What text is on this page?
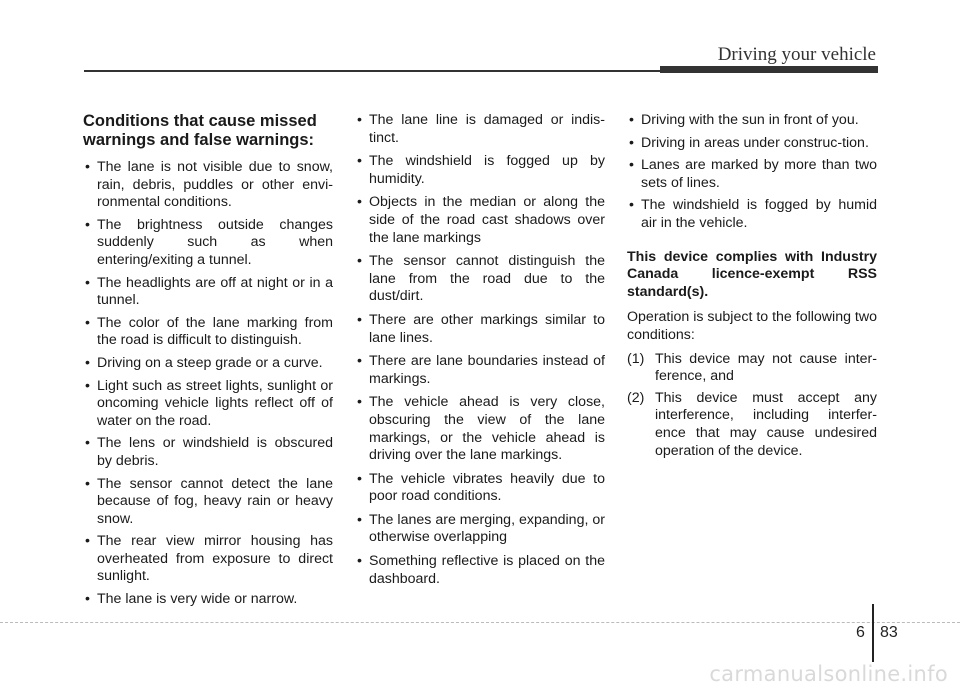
Driving your vehicle
Conditions that cause missed warnings and false warnings:
• The lane is not visible due to snow, rain, debris, puddles or other envi-ronmental conditions.
• The brightness outside changes suddenly such as when entering/exiting a tunnel.
• The headlights are off at night or in a tunnel.
• The color of the lane marking from the road is difficult to distinguish.
• Driving on a steep grade or a curve.
• Light such as street lights, sunlight or oncoming vehicle lights reflect off of water on the road.
• The lens or windshield is obscured by debris.
• The sensor cannot detect the lane because of fog, heavy rain or heavy snow.
• The rear view mirror housing has overheated from exposure to direct sunlight.
• The lane is very wide or narrow.
• The lane line is damaged or indis-tinct.
• The windshield is fogged up by humidity.
• Objects in the median or along the side of the road cast shadows over the lane markings
• The sensor cannot distinguish the lane from the road due to the dust/dirt.
• There are other markings similar to lane lines.
• There are lane boundaries instead of markings.
• The vehicle ahead is very close, obscuring the view of the lane markings, or the vehicle ahead is driving over the lane markings.
• The vehicle vibrates heavily due to poor road conditions.
• The lanes are merging, expanding, or otherwise overlapping
• Something reflective is placed on the dashboard.
• Driving with the sun in front of you.
• Driving in areas under construc-tion.
• Lanes are marked by more than two sets of lines.
• The windshield is fogged by humid air in the vehicle.
This device complies with Industry Canada licence-exempt RSS standard(s).
Operation is subject to the following two conditions:
(1) This device may not cause inter-ference, and
(2) This device must accept any interference, including interfer-ence that may cause undesired operation of the device.
6 83
carmanualsonline.info
